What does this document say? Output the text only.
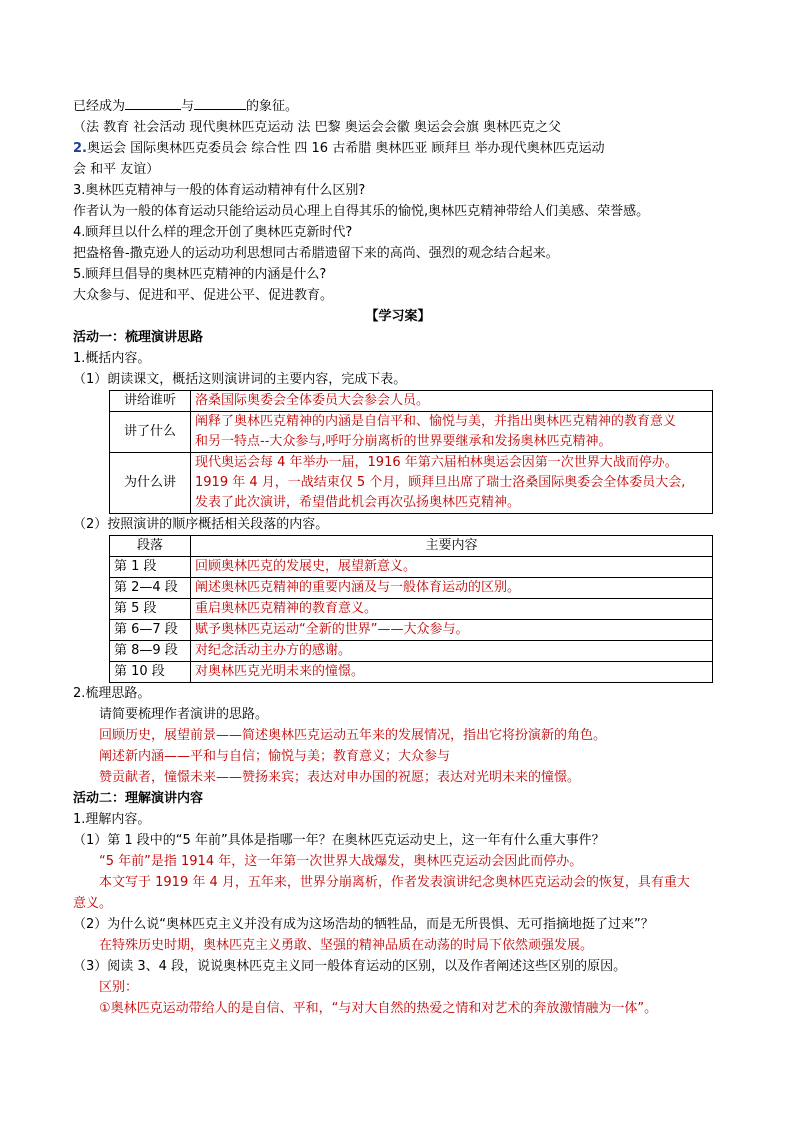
已经成为	与	的象征。

（法 教育 社会活动 现代奥林匹克运动 法 巴黎 奥运会会徽 奥运会会旗 奥林匹克之父

2.奥运会 国际奥林匹克委员会 综合性 四 16 古希腊 奥林匹亚 顾拜旦 举办现代奥林匹克运动

会 和平 友谊）

3.奥林匹克精神与一般的体育运动精神有什么区别?

作者认为一般的体育运动只能给运动员心理上自得其乐的愉悦,奥林匹克精神带给人们美感、荣誉感。

4.顾拜旦以什么样的理念开创了奥林匹克新时代?

把盎格鲁-撒克逊人的运动功利思想同古希腊遗留下来的高尚、强烈的观念结合起来。

5.顾拜旦倡导的奥林匹克精神的内涵是什么?

大众参与、促进和平、促进公平、促进教育。

【学习案】

活动一：梳理演讲思路

1.概括内容。

（1）朗读课文，概括这则演讲词的主要内容，完成下表。

讲给谁听	洛桑国际奥委会全体委员大会参会人员。

讲了什么	阐释了奥林匹克精神的内涵是自信平和、愉悦与美，并指出奥林匹克精神的教育意义
和另一特点--大众参与,呼吁分崩离析的世界要继承和发扬奥林匹克精神。

为什么讲	现代奥运会每 4 年举办一届，1916 年第六届柏林奥运会因第一次世界大战而停办。
1919 年 4 月，一战结束仅 5 个月，顾拜旦出席了瑞士洛桑国际奥委会全体委员大会,
发表了此次演讲，希望借此机会再次弘扬奥林匹克精神。

（2）按照演讲的顺序概括相关段落的内容。

段落	主要内容
第 1 段	回顾奥林匹克的发展史，展望新意义。
第 2—4 段	阐述奥林匹克精神的重要内涵及与一般体育运动的区别。
第 5 段	重启奥林匹克精神的教育意义。
第 6—7 段	赋予奥林匹克运动“全新的世界”——大众参与。
第 8—9 段	对纪念活动主办方的感谢。
第 10 段	对奥林匹克光明未来的憧憬。

2.梳理思路。

请简要梳理作者演讲的思路。

回顾历史，展望前景——简述奥林匹克运动五年来的发展情况，指出它将扮演新的角色。

阐述新内涵——平和与自信；愉悦与美；教育意义；大众参与

赞贡献者，憧憬未来——赞扬来宾；表达对申办国的祝愿；表达对光明未来的憧憬。

活动二：理解演讲内容

1.理解内容。

（1）第 1 段中的“5 年前”具体是指哪一年？在奥林匹克运动史上，这一年有什么重大事件？

“5 年前”是指 1914 年，这一年第一次世界大战爆发，奥林匹克运动会因此而停办。

本文写于 1919 年 4 月，五年来，世界分崩离析，作者发表演讲纪念奥林匹克运动会的恢复，具有重大

意义。

（2）为什么说“奥林匹克主义并没有成为这场浩劫的牺牲品，而是无所畏惧、无可指摘地挺了过来”？

在特殊历史时期，奥林匹克主义勇敢、坚强的精神品质在动荡的时局下依然顽强发展。

（3）阅读 3、4 段，说说奥林匹克主义同一般体育运动的区别，以及作者阐述这些区别的原因。

区别：

①奥林匹克运动带给人的是自信、平和，“与对大自然的热爱之情和对艺术的奔放激情融为一体”。
